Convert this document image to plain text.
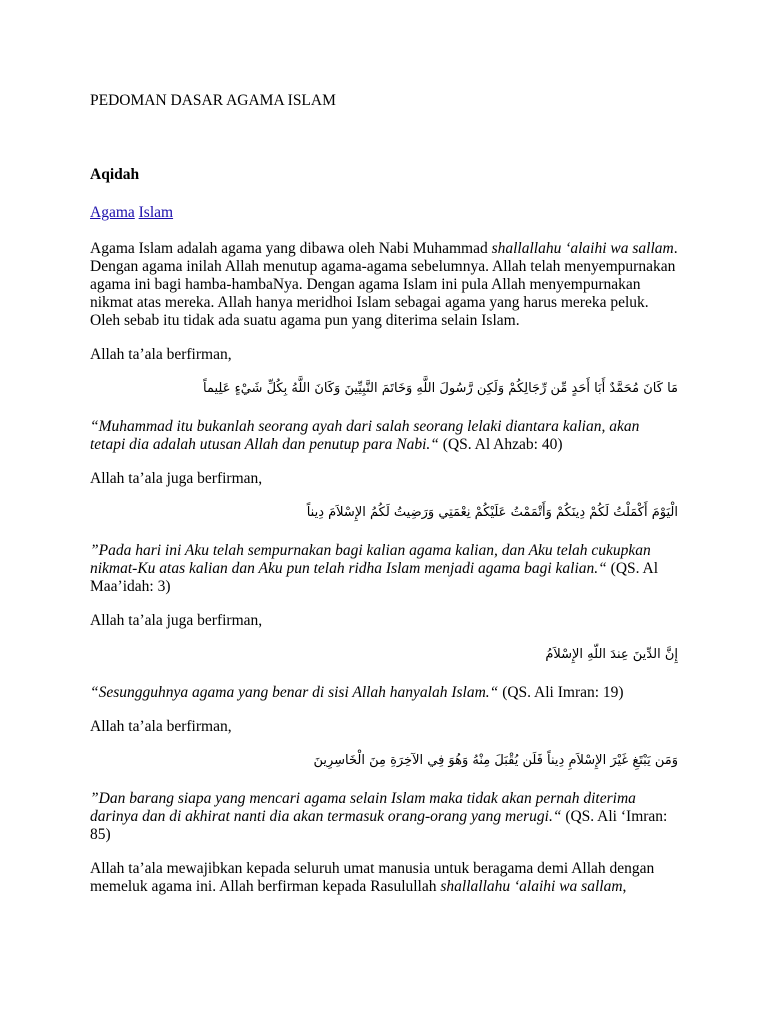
PEDOMAN DASAR AGAMA ISLAM
Aqidah
Agama Islam

Agama Islam adalah agama yang dibawa oleh Nabi Muhammad shallallahu ‘alaihi wa sallam. Dengan agama inilah Allah menutup agama-agama sebelumnya. Allah telah menyempurnakan agama ini bagi hamba-hambaNya. Dengan agama Islam ini pula Allah menyempurnakan nikmat atas mereka. Allah hanya meridhoi Islam sebagai agama yang harus mereka peluk. Oleh sebab itu tidak ada suatu agama pun yang diterima selain Islam.

Allah ta’ala berfirman,

مَا كَانَ مُحَمَّدٌ أَبَا أَحَدٍ مِّن رِّجَالِكُمْ وَلَكِن رَّسُولَ اللَّهِ وَخَاتَمَ النَّبِيِّينَ وَكَانَ اللَّهُ بِكُلِّ شَيْءٍ عَلِيماً

“Muhammad itu bukanlah seorang ayah dari salah seorang lelaki diantara kalian, akan tetapi dia adalah utusan Allah dan penutup para Nabi.“ (QS. Al Ahzab: 40)

Allah ta’ala juga berfirman,

الْيَوْمَ أَكْمَلْتُ لَكُمْ دِينَكُمْ وَأَتْمَمْتُ عَلَيْكُمْ نِعْمَتِي وَرَضِيتُ لَكُمُ الإِسْلاَمَ دِيناً

”Pada hari ini Aku telah sempurnakan bagi kalian agama kalian, dan Aku telah cukupkan nikmat-Ku atas kalian dan Aku pun telah ridha Islam menjadi agama bagi kalian.“ (QS. Al Maa’idah: 3)

Allah ta’ala juga berfirman,

إِنَّ الدِّينَ عِندَ اللّهِ الإِسْلاَمُ

“Sesungguhnya agama yang benar di sisi Allah hanyalah Islam.“ (QS. Ali Imran: 19)

Allah ta’ala berfirman,

وَمَن يَبْتَغِ غَيْرَ الإِسْلاَمِ دِيناً فَلَن يُقْبَلَ مِنْهُ وَهُوَ فِي الآخِرَةِ مِنَ الْخَاسِرِينَ

”Dan barang siapa yang mencari agama selain Islam maka tidak akan pernah diterima darinya dan di akhirat nanti dia akan termasuk orang-orang yang merugi.“ (QS. Ali ‘Imran: 85)

Allah ta’ala mewajibkan kepada seluruh umat manusia untuk beragama demi Allah dengan memeluk agama ini. Allah berfirman kepada Rasulullah shallallahu ‘alaihi wa sallam,
